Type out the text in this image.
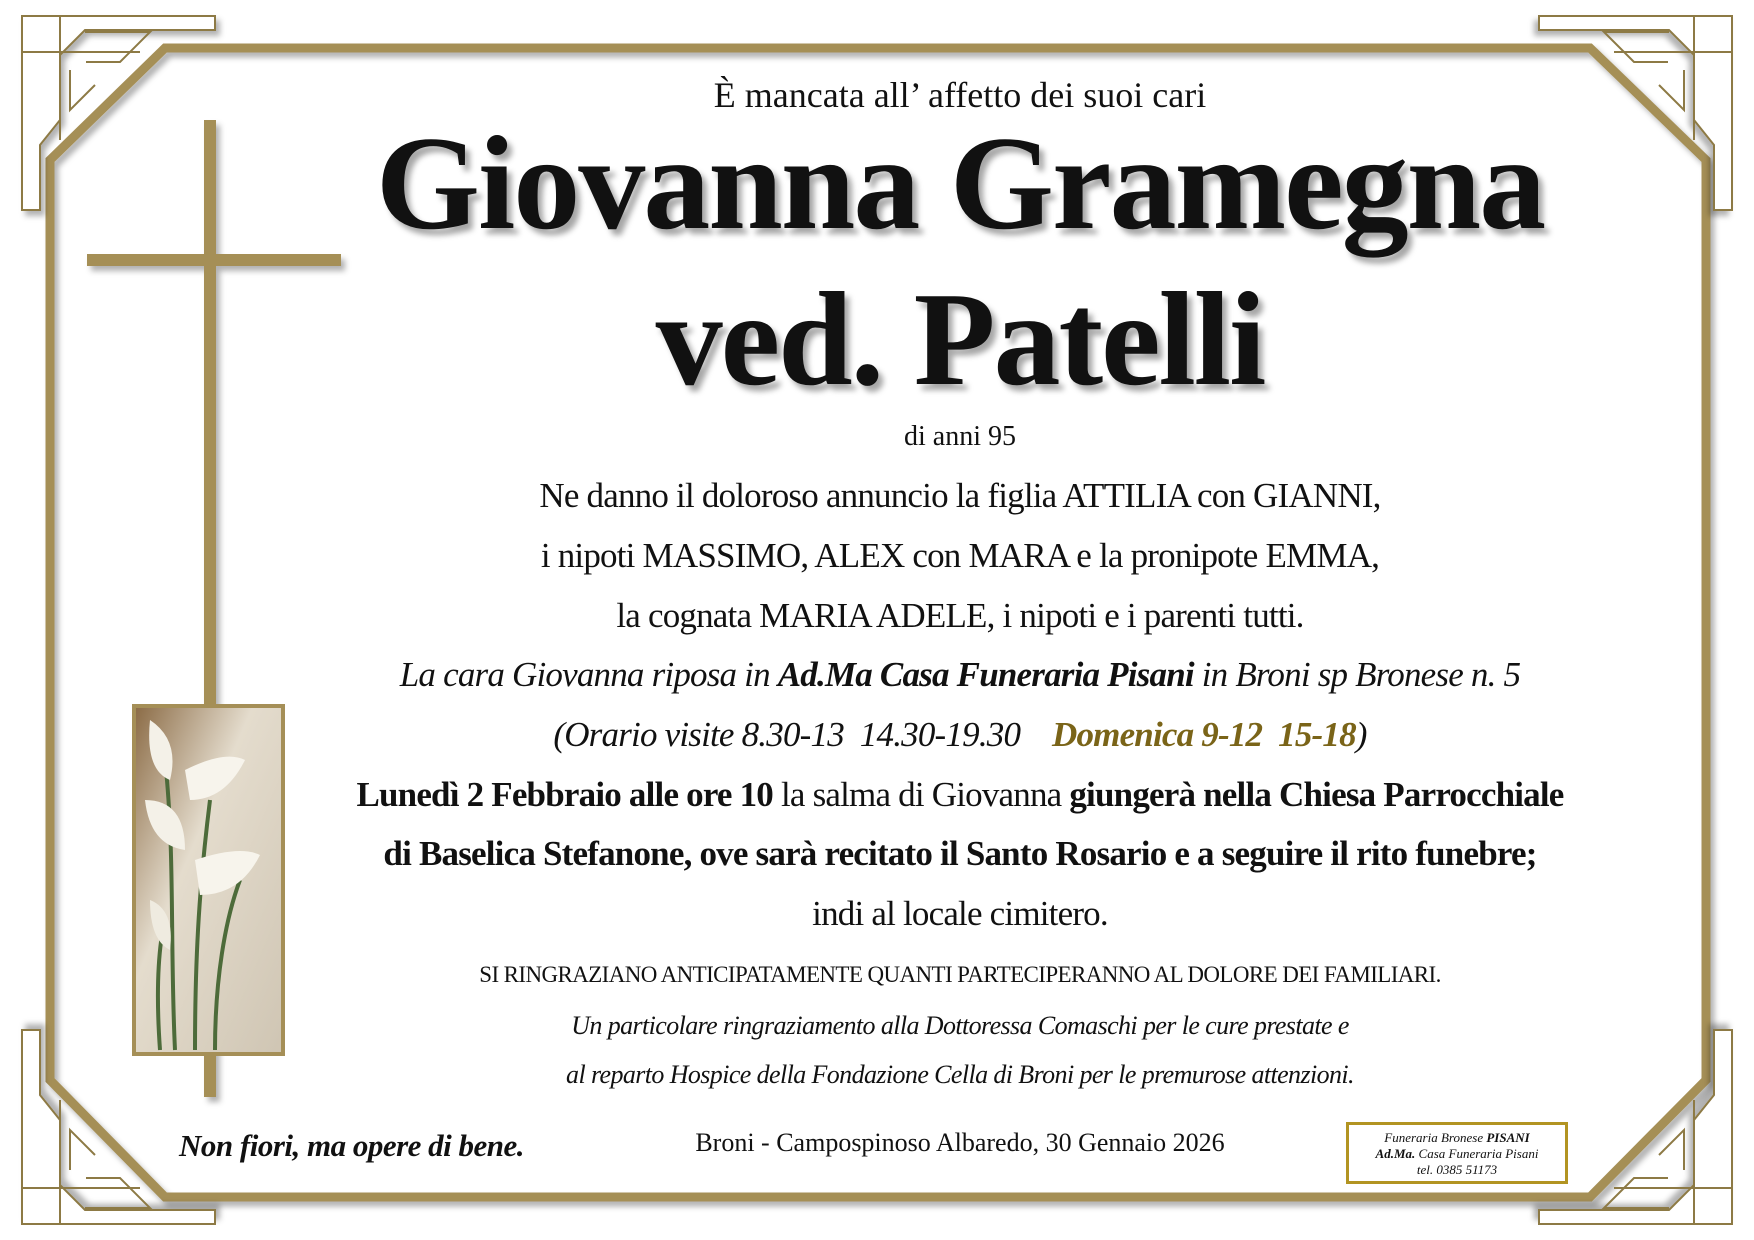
È mancata all’ affetto dei suoi cari
Giovanna Gramegna
ved. Patelli
di anni 95
Ne danno il doloroso annuncio la figlia ATTILIA con GIANNI,
i nipoti MASSIMO, ALEX con MARA e la pronipote EMMA,
la cognata MARIA ADELE, i nipoti e i parenti tutti.
La cara Giovanna riposa in Ad.Ma Casa Funeraria Pisani in Broni sp Bronese n. 5
(Orario visite 8.30-13  14.30-19.30    Domenica 9-12  15-18)
Lunedì 2 Febbraio alle ore 10 la salma di Giovanna giungerà nella Chiesa Parrocchiale
di Baselica Stefanone, ove sarà recitato il Santo Rosario e a seguire il rito funebre;
indi al locale cimitero.
SI RINGRAZIANO ANTICIPATAMENTE QUANTI PARTECIPERANNO AL DOLORE DEI FAMILIARI.
Un particolare ringraziamento alla Dottoressa Comaschi per le cure prestate e
al reparto Hospice della Fondazione Cella di Broni per le premurose attenzioni.
Non fiori, ma opere di bene.	Broni - Campospinoso Albaredo, 30 Gennaio 2026	Funeraria Bronese PISANI
Ad.Ma. Casa Funeraria Pisani
tel. 0385 51173
